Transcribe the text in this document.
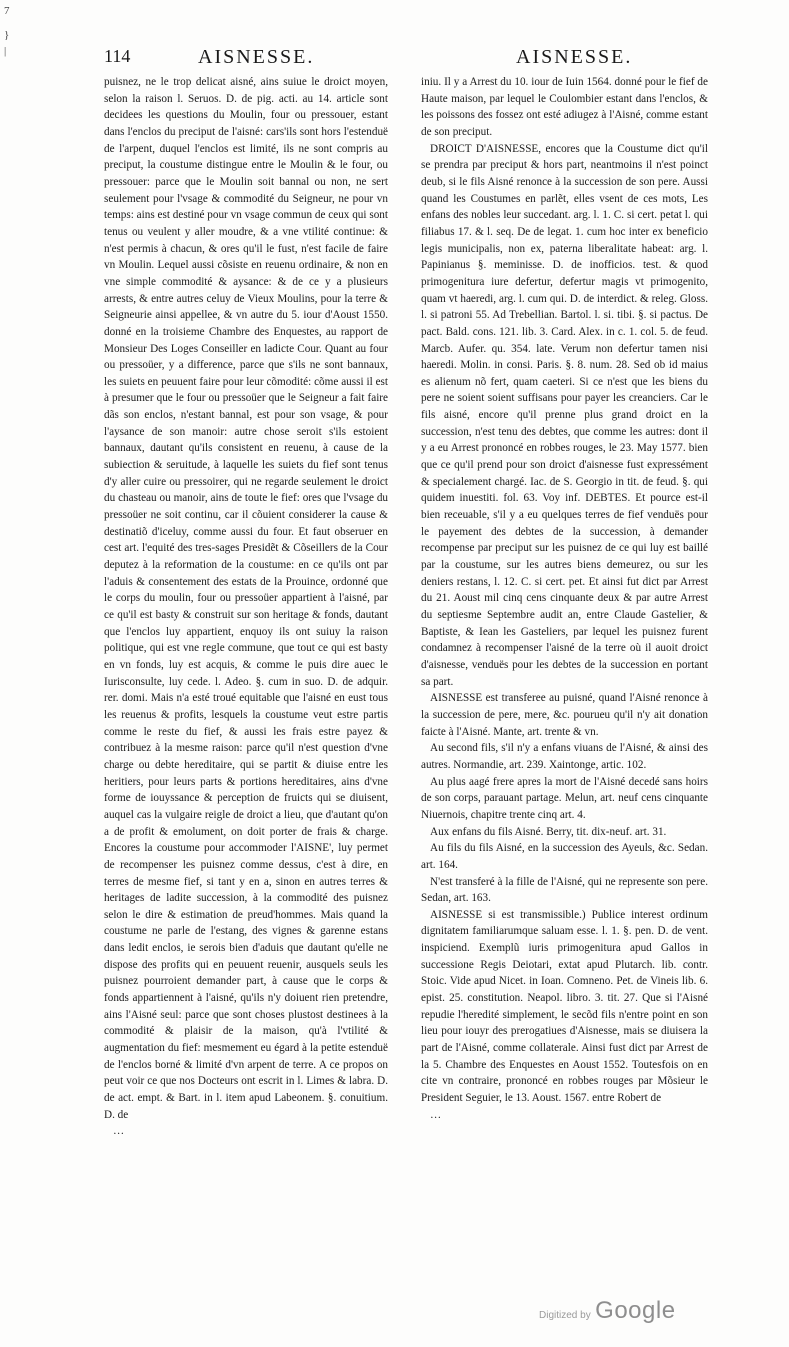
7
}
|	114	AISNESSE.	AISNESSE.

puisnez, ne le trop delicat aisné, ains suiue le droict moyen, selon la raison l. Seruos. D. de pig. acti. au 14. article sont decidees les questions du Moulin, four ou pressouer, estant dans l'enclos du preciput de l'aisné: cars'ils sont hors l'estenduë de l'arpent, duquel l'enclos est limité, ils ne sont compris au preciput, la coustume distingue entre le Moulin & le four, ou pressouer: parce que le Moulin soit bannal ou non, ne sert seulement pour l'vsage & commodité du Seigneur, ne pour vn temps: ains est destiné pour vn vsage commun de ceux qui sont tenus ou veulent y aller moudre, & a vne vtilité continue: & n'est permis à chacun, & ores qu'il le fust, n'est facile de faire vn Moulin. Lequel aussi cõsiste en reuenu ordinaire, & non en vne simple commodité & aysance: & de ce y a plusieurs arrests, & entre autres celuy de Vieux Moulins, pour la terre & Seigneurie ainsi appellee, & vn autre du 5. iour d'Aoust 1550. donné en la troisieme Chambre des Enquestes, au rapport de Monsieur Des Loges Conseiller en ladicte Cour. Quant au four ou pressoüer, y a difference, parce que s'ils ne sont bannaux, les suiets en peuuent faire pour leur cõmodité: cõme aussi il est à presumer que le four ou pressoüer que le Seigneur a fait faire dãs son enclos, n'estant bannal, est pour son vsage, & pour l'aysance de son manoir: autre chose seroit s'ils estoient bannaux, dautant qu'ils consistent en reuenu, à cause de la subiection & seruitude, à laquelle les suiets du fief sont tenus d'y aller cuire ou pressoirer, qui ne regarde seulement le droict du chasteau ou manoir, ains de toute le fief: ores que l'vsage du pressoüer ne soit continu, car il cõuient considerer la cause & destinatiõ d'iceluy, comme aussi du four. Et faut obseruer en cest art. l'equité des tres-sages Presidẽt & Cõseillers de la Cour deputez à la reformation de la coustume: en ce qu'ils ont par l'aduis & consentement des estats de la Prouince, ordonné que le corps du moulin, four ou pressoüer appartient à l'aisné, par ce qu'il est basty & construit sur son heritage & fonds, dautant que l'enclos luy appartient, enquoy ils ont suiuy la raison politique, qui est vne regle commune, que tout ce qui est basty en vn fonds, luy est acquis, & comme le puis dire auec le Iurisconsulte, luy cede. l. Adeo. §. cum in suo. D. de adquir. rer. domi. Mais n'a esté troué equitable que l'aisné en eust tous les reuenus & profits, lesquels la coustume veut estre partis comme le reste du fief, & aussi les frais estre payez & contribuez à la mesme raison: parce qu'il n'est question d'vne charge ou debte hereditaire, qui se partit & diuise entre les heritiers, pour leurs parts & portions hereditaires, ains d'vne forme de iouyssance & perception de fruicts qui se diuisent, auquel cas la vulgaire reigle de droict a lieu, que d'autant qu'on a de profit & emolument, on doit porter de frais & charge. Encores la coustume pour accommoder l'AISNE', luy permet de recompenser les puisnez comme dessus, c'est à dire, en terres de mesme fief, si tant y en a, sinon en autres terres & heritages de ladite succession, à la commodité des puisnez selon le dire & estimation de preud'hommes. Mais quand la coustume ne parle de l'estang, des vignes & garenne estans dans ledit enclos, ie serois bien d'aduis que dautant qu'elle ne dispose des profits qui en peuuent reuenir, ausquels seuls les puisnez pourroient demander part, à cause que le corps & fonds appartiennent à l'aisné, qu'ils n'y doiuent rien pretendre, ains l'Aisné seul: parce que sont choses plustost destinees à la commodité & plaisir de la maison, qu'à l'vtilité & augmentation du fief: mesmement eu égard à la petite estenduë de l'enclos borné & limité d'vn arpent de terre. A ce propos on peut voir ce que nos Docteurs ont escrit in l. Limes & labra. D. de act. empt. & Bart. in l. item apud Labeonem. §. conuitium. D. de

…

iniu. Il y a Arrest du 10. iour de Iuin 1564. donné pour le fief de Haute maison, par lequel le Coulombier estant dans l'enclos, & les poissons des fossez ont esté adiugez à l'Aisné, comme estant de son preciput.

DROICT D'AISNESSE, encores que la Coustume dict qu'il se prendra par preciput & hors part, neantmoins il n'est poinct deub, si le fils Aisné renonce à la succession de son pere. Aussi quand les Coustumes en parlẽt, elles vsent de ces mots, Les enfans des nobles leur succedant. arg. l. 1. C. si cert. petat l. qui filiabus 17. & l. seq. De de legat. 1. cum hoc inter ex beneficio legis municipalis, non ex, paterna liberalitate habeat: arg. l. Papinianus §. meminisse. D. de inofficios. test. & quod primogenitura iure defertur, defertur magis vt primogenito, quam vt haeredi, arg. l. cum qui. D. de interdict. & releg. Gloss. l. si patroni 55. Ad Trebellian. Bartol. l. si. tibi. §. si pactus. De pact. Bald. cons. 121. lib. 3. Card. Alex. in c. 1. col. 5. de feud. Marcb. Aufer. qu. 354. late. Verum non defertur tamen nisi haeredi. Molin. in consi. Paris. §. 8. num. 28. Sed ob id maius es alienum nõ fert, quam caeteri. Si ce n'est que les biens du pere ne soient soient suffisans pour payer les creanciers. Car le fils aisné, encore qu'il prenne plus grand droict en la succession, n'est tenu des debtes, que comme les autres: dont il y a eu Arrest prononcé en robbes rouges, le 23. May 1577. bien que ce qu'il prend pour son droict d'aisnesse fust expressément & specialement chargé. Iac. de S. Georgio in tit. de feud. §. qui quidem inuestiti. fol. 63. Voy inf. DEBTES. Et pource est-il bien receuable, s'il y a eu quelques terres de fief venduës pour le payement des debtes de la succession, à demander recompense par preciput sur les puisnez de ce qui luy est baillé par la coustume, sur les autres biens demeurez, ou sur les deniers restans, l. 12. C. si cert. pet. Et ainsi fut dict par Arrest du 21. Aoust mil cinq cens cinquante deux & par autre Arrest du septiesme Septembre audit an, entre Claude Gastelier, & Baptiste, & Iean les Gasteliers, par lequel les puisnez furent condamnez à recompenser l'aisné de la terre où il auoit droict d'aisnesse, venduës pour les debtes de la succession en portant sa part.

AISNESSE est transferee au puisné, quand l'Aisné renonce à la succession de pere, mere, &c. pourueu qu'il n'y ait donation faicte à l'Aisné. Mante, art. trente & vn.

Au second fils, s'il n'y a enfans viuans de l'Aisné, & ainsi des autres. Normandie, art. 239. Xaintonge, artic. 102.

Au plus aagé frere apres la mort de l'Aisné decedé sans hoirs de son corps, parauant partage. Melun, art. neuf cens cinquante Niuernois, chapitre trente cinq art. 4.

Aux enfans du fils Aisné. Berry, tit. dix-neuf. art. 31.

Au fils du fils Aisné, en la succession des Ayeuls, &c. Sedan. art. 164.

N'est transferé à la fille de l'Aisné, qui ne represente son pere. Sedan, art. 163.

AISNESSE si est transmissible.) Publice interest ordinum dignitatem familiarumque saluam esse. l. 1. §. pen. D. de vent. inspiciend. Exemplũ iuris primogenitura apud Gallos in successione Regis Deiotari, extat apud Plutarch. lib. contr. Stoic. Vide apud Nicet. in Ioan. Comneno. Pet. de Vineis lib. 6. epist. 25. constitution. Neapol. libro. 3. tit. 27. Que si l'Aisné repudie l'heredité simplement, le secõd fils n'entre point en son lieu pour iouyr des prerogatiues d'Aisnesse, mais se diuisera la part de l'Aisné, comme collaterale. Ainsi fust dict par Arrest de la 5. Chambre des Enquestes en Aoust 1552. Toutesfois on en cite vn contraire, prononcé en robbes rouges par Mõsieur le President Seguier, le 13. Aoust. 1567. entre Robert de

…

Digitized by Google
